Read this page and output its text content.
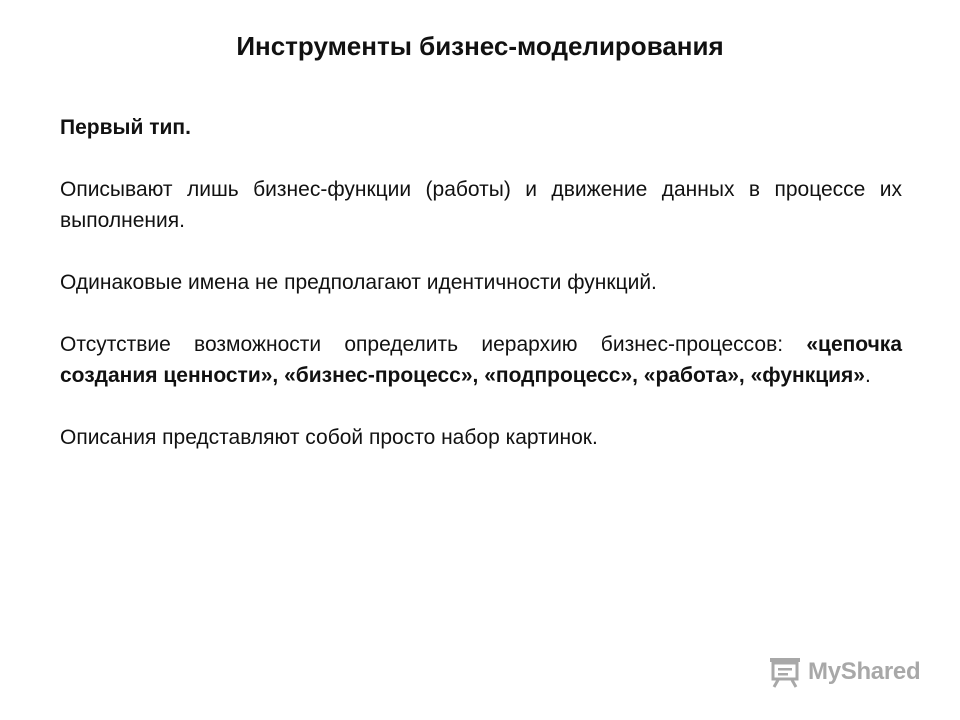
Инструменты бизнес-моделирования
Первый тип.
Описывают лишь бизнес-функции (работы) и движение данных в процессе их выполнения.
Одинаковые имена не предполагают идентичности функций.
Отсутствие возможности определить иерархию бизнес-процессов: «цепочка создания ценности», «бизнес-процесс», «подпроцесс», «работа», «функция».
Описания представляют собой просто набор картинок.
MyShared
